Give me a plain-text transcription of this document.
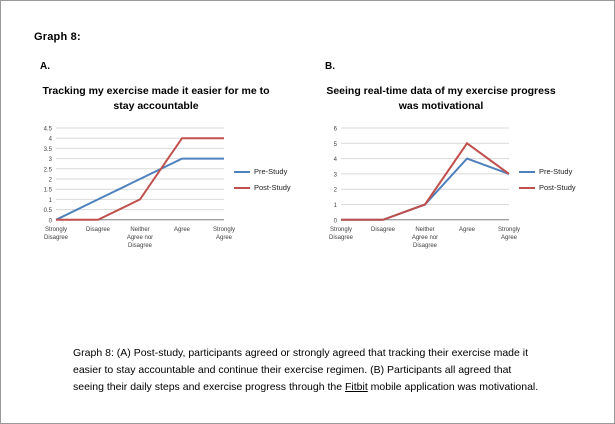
Graph 8:
A.
Tracking my exercise made it easier for me to stay accountable
4.5
4
3.5
3
2.5
2
1.5
1
0.5
0
Strongly
Disagree
Disagree	Neither
Agree nor
Disagree
Agree	Strongly
Agree
Pre-Study
Post-Study
B.
Seeing real-time data of my exercise progress was motivational
6
5
4
3
2
1
0
Strongly
Disagree
Disagree	Neither
Agree nor
Disagree
Agree	Strongly
Agree
Pre-Study
Post-Study
Graph 8: (A) Post-study, participants agreed or strongly agreed that tracking their exercise made it easier to stay accountable and continue their exercise regimen. (B) Participants all agreed that seeing their daily steps and exercise progress through the Fitbit mobile application was motivational.
